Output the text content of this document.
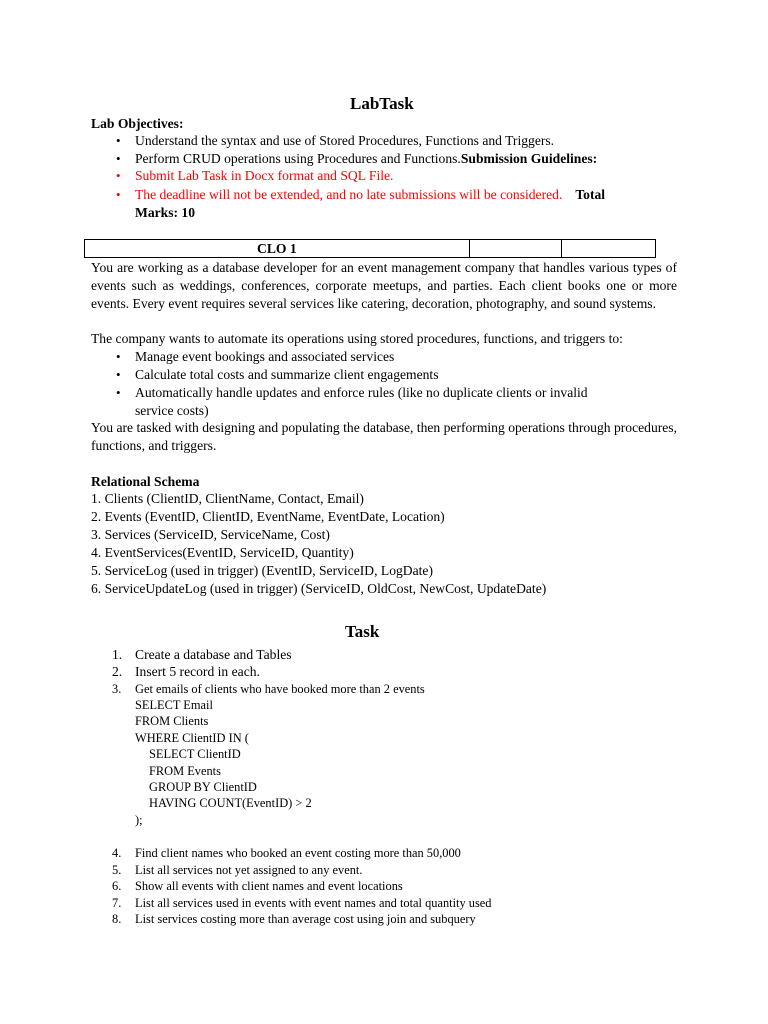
LabTask
Lab Objectives:
• Understand the syntax and use of Stored Procedures, Functions and Triggers.
• Perform CRUD operations using Procedures and Functions.Submission Guidelines:
• Submit Lab Task in Docx format and SQL File.
• The deadline will not be extended, and no late submissions will be considered. Total
Marks: 10
CLO 1		
You are working as a database developer for an event management company that handles various types of events such as weddings, conferences, corporate meetups, and parties. Each client books one or more events. Every event requires several services like catering, decoration, photography, and sound systems.
The company wants to automate its operations using stored procedures, functions, and triggers to:
• Manage event bookings and associated services
• Calculate total costs and summarize client engagements
• Automatically handle updates and enforce rules (like no duplicate clients or invalid
service costs)
You are tasked with designing and populating the database, then performing operations through procedures, functions, and triggers.
Relational Schema
1. Clients (ClientID, ClientName, Contact, Email)
2. Events (EventID, ClientID, EventName, EventDate, Location)
3. Services (ServiceID, ServiceName, Cost)
4. EventServices(EventID, ServiceID, Quantity)
5. ServiceLog (used in trigger) (EventID, ServiceID, LogDate)
6. ServiceUpdateLog (used in trigger) (ServiceID, OldCost, NewCost, UpdateDate)
Task
1. Create a database and Tables
2. Insert 5 record in each.
3. Get emails of clients who have booked more than 2 events
SELECT Email
FROM Clients
WHERE ClientID IN (
SELECT ClientID
FROM Events
GROUP BY ClientID
HAVING COUNT(EventID) > 2
);
4. Find client names who booked an event costing more than 50,000
5. List all services not yet assigned to any event.
6. Show all events with client names and event locations
7. List all services used in events with event names and total quantity used
8. List services costing more than average cost using join and subquery
